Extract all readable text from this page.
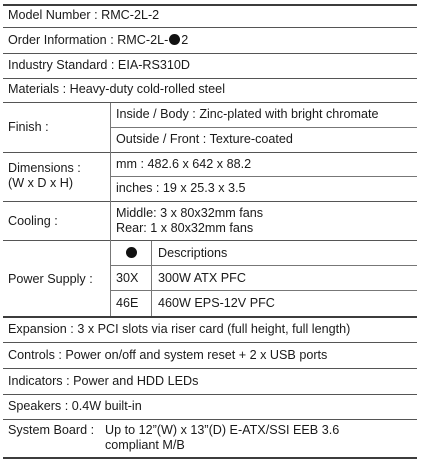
Model Number : RMC-2L-2
Order Information : RMC-2L- 2
Industry Standard : EIA-RS310D
Materials : Heavy-duty cold-rolled steel
Finish :
Inside / Body : Zinc-plated with bright chromate
Outside / Front : Texture-coated
Dimensions :
(W x D x H)
mm : 482.6 x 642 x 88.2
inches : 19 x 25.3 x 3.5
Cooling :
Middle: 3 x 80x32mm fans
Rear: 1 x 80x32mm fans
Power Supply :
Descriptions
30X 300W ATX PFC
46E 460W EPS-12V PFC
Expansion : 3 x PCI slots via riser card (full height, full length)
Controls : Power on/off and system reset + 2 x USB ports
Indicators : Power and HDD LEDs
Speakers : 0.4W built-in
System Board : Up to 12”(W) x 13”(D) E-ATX/SSI EEB 3.6 compliant M/B
